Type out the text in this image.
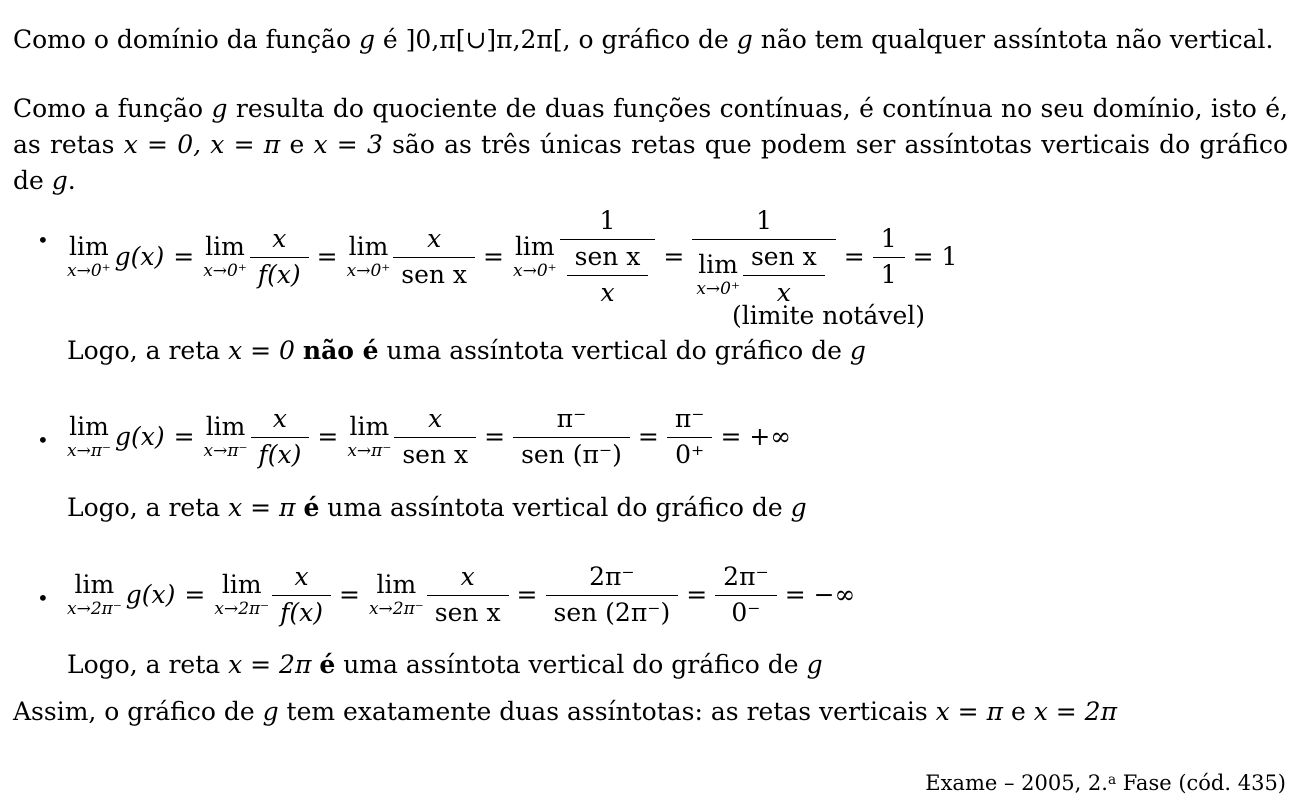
Como o domínio da função g é ]0,π[∪]π,2π[, o gráfico de g não tem qualquer assíntota não vertical.
Como a função g resulta do quociente de duas funções contínuas, é contínua no seu domínio, isto é, as retas x = 0, x = π e x = 3 são as três únicas retas que podem ser assíntotas verticais do gráfico de g.
• lim
x→0⁺ g(x) = lim
$x\to 0^+ \frac{x}{f(x)} = \lim$
$x\to 0^+ \frac{x}{\text{sen x}} = \lim$
$x\to 0^+ \frac{1}{\frac{\text{sen x}}{x}} = 1$
lim
$x\to 0^+ \frac{\text{sen x}}{x} = \frac{1}{1} = 1$
(limite notável)
Logo, a reta x = 0 não é uma assíntota vertical do gráfico de g
• lim
x→π⁻ g(x) = lim
$x\to\pi^- \frac{x}{f(x)} = \lim$
$x\to\pi^- \frac{x}{\text{sen x}} = \frac{\pi^-}{\text{sen (π⁻)}} = \frac{\pi^-}{0^+}$ = +∞
Logo, a reta x = π é uma assíntota vertical do gráfico de g
• lim
x→2π⁻ g(x) = lim
$x\to 2\pi^- \frac{x}{f(x)} = \lim$
$x\to 2\pi^- \frac{x}{\text{sen x}} = \frac{2\pi^-}{\text{sen (2π⁻)}} = \frac{2\pi^-}{0^-}$ = −∞
Logo, a reta x = 2π é uma assíntota vertical do gráfico de g
Assim, o gráfico de g tem exatamente duas assíntotas: as retas verticais x = π e x = 2π
Exame – 2005, 2.$^a$ Fase (cód. 435)
